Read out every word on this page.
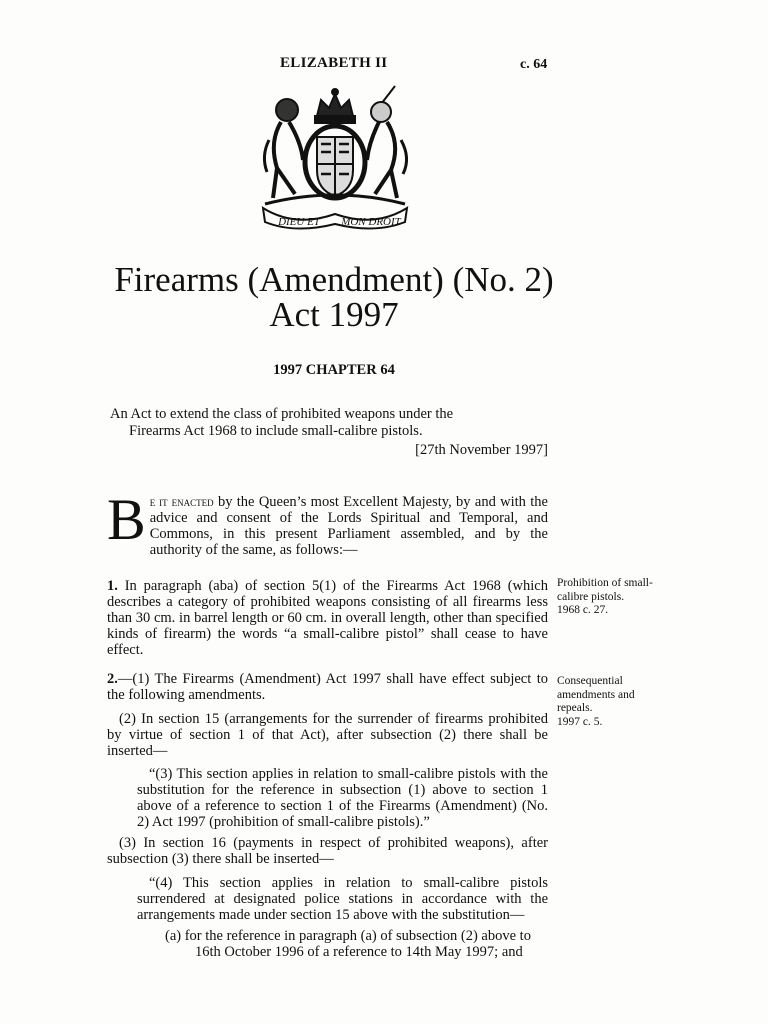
ELIZABETH II	c. 64
DIEU ET MON DROIT
Firearms (Amendment) (No. 2)
Act 1997
1997 CHAPTER 64
An Act to extend the class of prohibited weapons under the
Firearms Act 1968 to include small-calibre pistols.
[27th November 1997]
Be it enacted by the Queen’s most Excellent Majesty, by and with the advice and consent of the Lords Spiritual and Temporal, and Commons, in this present Parliament assembled, and by the authority of the same, as follows:—
1. In paragraph (aba) of section 5(1) of the Firearms Act 1968 (which describes a category of prohibited weapons consisting of all firearms less than 30 cm. in barrel length or 60 cm. in overall length, other than specified kinds of firearm) the words “a small-calibre pistol” shall cease to have effect.
Prohibition of small-calibre pistols.
1968 c. 27.
2.—(1) The Firearms (Amendment) Act 1997 shall have effect subject to the following amendments.
Consequential amendments and repeals.
1997 c. 5.
(2) In section 15 (arrangements for the surrender of firearms prohibited by virtue of section 1 of that Act), after subsection (2) there shall be inserted—
“(3) This section applies in relation to small-calibre pistols with the substitution for the reference in subsection (1) above to section 1 above of a reference to section 1 of the Firearms (Amendment) (No. 2) Act 1997 (prohibition of small-calibre pistols).”
(3) In section 16 (payments in respect of prohibited weapons), after subsection (3) there shall be inserted—
“(4) This section applies in relation to small-calibre pistols surrendered at designated police stations in accordance with the arrangements made under section 15 above with the substitution—
(a) for the reference in paragraph (a) of subsection (2) above to
16th October 1996 of a reference to 14th May 1997; and
